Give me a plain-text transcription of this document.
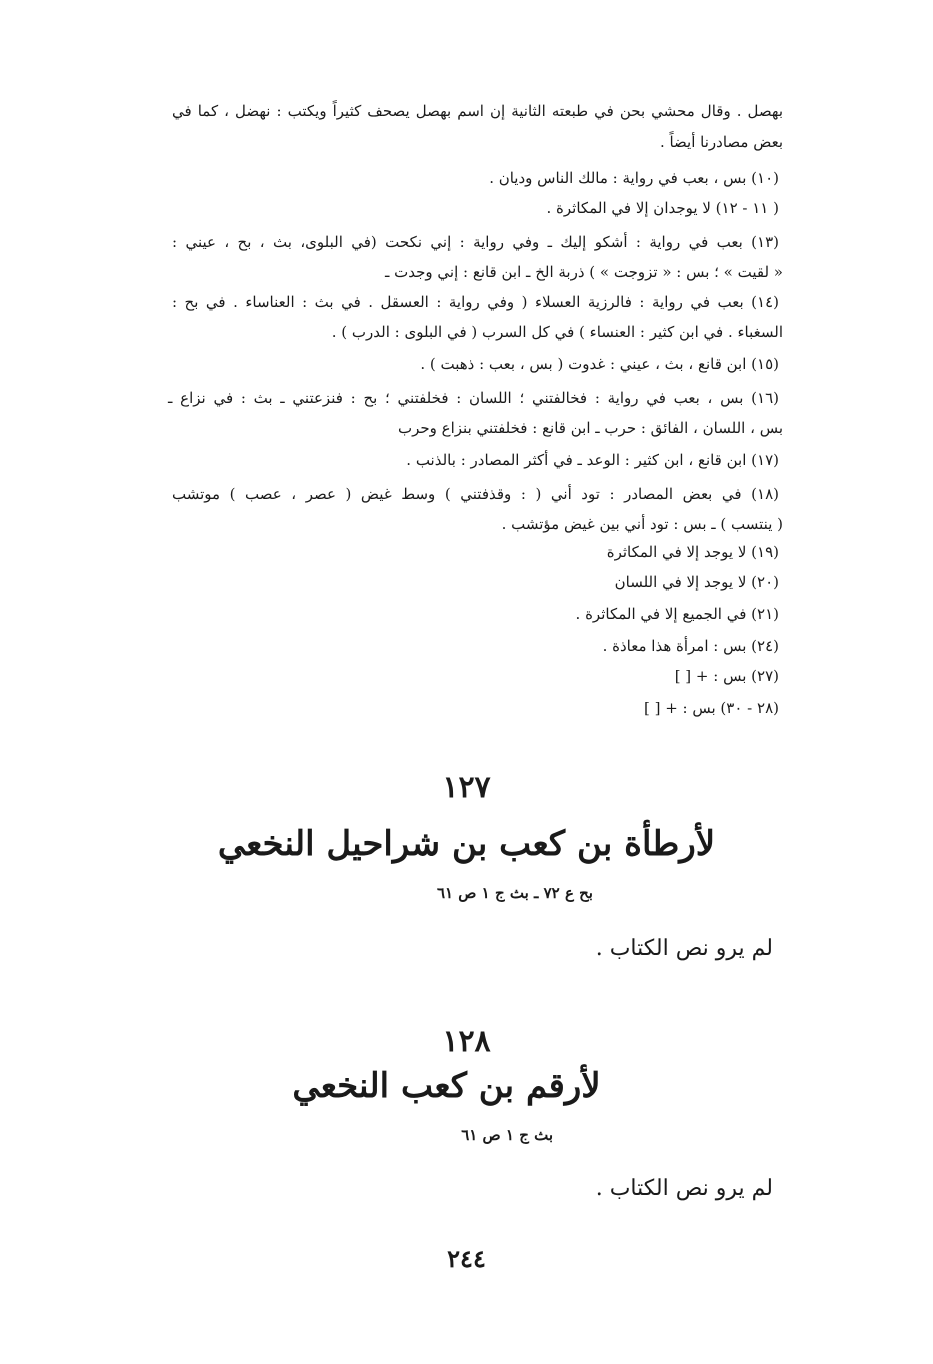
بهصل . وقال محشي بحن في طبعته الثانية إن اسم بهصل يصحف كثيراً ويكتب : نهضل ، كما في
بعض مصادرنا أيضاً .
(١٠) بس ، بعب في رواية : مالك الناس وديان .
( ١١ - ١٢) لا يوجدان إلا في المكاثرة .
(١٣) بعب في رواية : أشكو إليك ـ وفي رواية : إني نكحت (في البلوى، بث ، بح ، عيني :
« لقيت » ؛ بس : « تزوجت » ) ذربة الخ ـ ابن قانع : إني وجدت ـ
(١٤) بعب في رواية : فالرزية العسلاء ( وفي رواية : العسقل . في بث : العناساء . في بح :
السغباء . في ابن كثير : العنساء ) في كل السرب ( في البلوى : الدرب ) .
(١٥) ابن قانع ، بث ، عيني : غدوت ( بس ، بعب : ذهبت ) .
(١٦) بس ، بعب في رواية : فخالفتني ؛ اللسان : فخلفتني ؛ بح : فنزعتني ـ بث : في نزاع ـ
بس ، اللسان ، الفائق : حرب ـ ابن قانع : فخلفتني بنزاع وحرب
(١٧) ابن قانع ، ابن كثير : الوعد ـ في أكثر المصادر : بالذنب .
(١٨) في بعض المصادر : تود أني ( : وقذفتني ) وسط غيض ( عصر ، عصب ) موتشب
( ينتسب ) ـ بس : تود أني بين غيض مؤتشب .
(١٩) لا يوجد إلا في المكاثرة
(٢٠) لا يوجد إلا في اللسان
(٢١) في الجميع إلا في المكاثرة .
(٢٤) بس : امرأة هذا معاذة .
(٢٧) بس : + [ ]
(٢٨ - ٣٠) بس : + [ ]
١٢٧
لأرطأة بن كعب بن شراحيل النخعي
بح ع ٧٢ ـ بث ج ١ ص ٦١
لم يرو نص الكتاب .
١٢٨
لأرقم بن كعب النخعي
بث ج ١ ص ٦١
لم يرو نص الكتاب .
٢٤٤
